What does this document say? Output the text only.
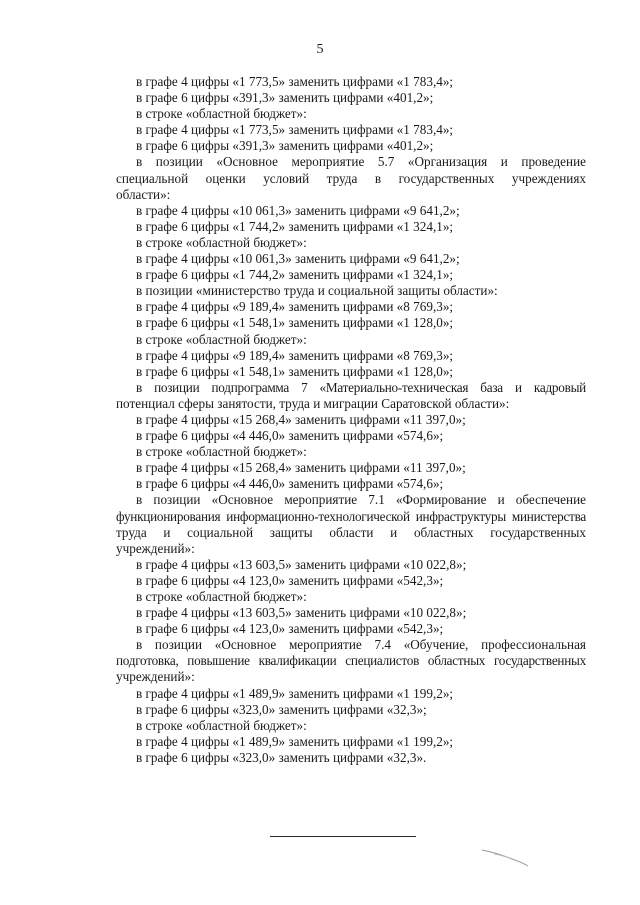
5
в графе 4 цифры «1 773,5» заменить цифрами «1 783,4»;
в графе 6 цифры «391,3» заменить цифрами «401,2»;
в строке «областной бюджет»:
в графе 4 цифры «1 773,5» заменить цифрами «1 783,4»;
в графе 6 цифры «391,3» заменить цифрами «401,2»;
в позиции «Основное мероприятие 5.7 «Организация и проведение
специальной оценки условий труда в государственных учреждениях
области»:
в графе 4 цифры «10 061,3» заменить цифрами «9 641,2»;
в графе 6 цифры «1 744,2» заменить цифрами «1 324,1»;
в строке «областной бюджет»:
в графе 4 цифры «10 061,3» заменить цифрами «9 641,2»;
в графе 6 цифры «1 744,2» заменить цифрами «1 324,1»;
в позиции «министерство труда и социальной защиты области»:
в графе 4 цифры «9 189,4» заменить цифрами «8 769,3»;
в графе 6 цифры «1 548,1» заменить цифрами «1 128,0»;
в строке «областной бюджет»:
в графе 4 цифры «9 189,4» заменить цифрами «8 769,3»;
в графе 6 цифры «1 548,1» заменить цифрами «1 128,0»;
в позиции подпрограмма 7 «Материально-техническая база и кадровый
потенциал сферы занятости, труда и миграции Саратовской области»:
в графе 4 цифры «15 268,4» заменить цифрами «11 397,0»;
в графе 6 цифры «4 446,0» заменить цифрами «574,6»;
в строке «областной бюджет»:
в графе 4 цифры «15 268,4» заменить цифрами «11 397,0»;
в графе 6 цифры «4 446,0» заменить цифрами «574,6»;
в позиции «Основное мероприятие 7.1 «Формирование и обеспечение
функционирования информационно-технологической инфраструктуры министерства
труда и социальной защиты области и областных государственных
учреждений»:
в графе 4 цифры «13 603,5» заменить цифрами «10 022,8»;
в графе 6 цифры «4 123,0» заменить цифрами «542,3»;
в строке «областной бюджет»:
в графе 4 цифры «13 603,5» заменить цифрами «10 022,8»;
в графе 6 цифры «4 123,0» заменить цифрами «542,3»;
в позиции «Основное мероприятие 7.4 «Обучение, профессиональная
подготовка, повышение квалификации специалистов областных государственных
учреждений»:
в графе 4 цифры «1 489,9» заменить цифрами «1 199,2»;
в графе 6 цифры «323,0» заменить цифрами «32,3»;
в строке «областной бюджет»:
в графе 4 цифры «1 489,9» заменить цифрами «1 199,2»;
в графе 6 цифры «323,0» заменить цифрами «32,3».
